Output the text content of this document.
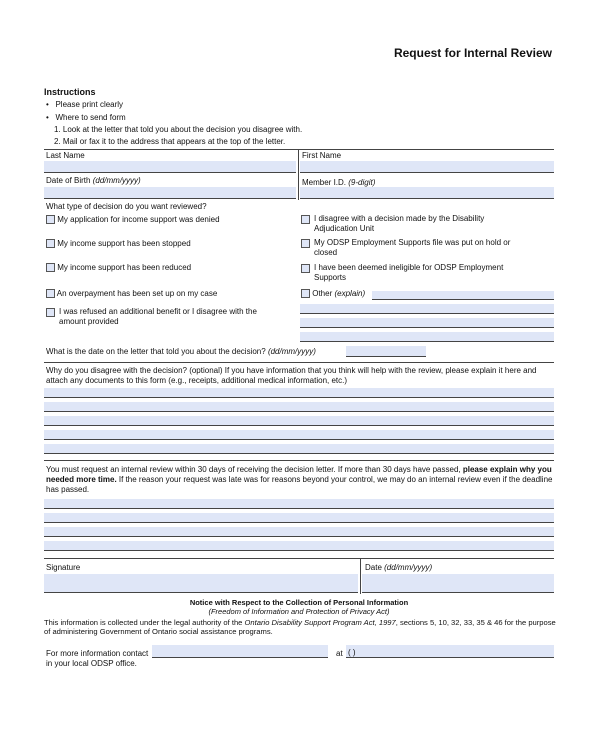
Request for Internal Review
Instructions
•   Please print clearly
•   Where to send form
1. Look at the letter that told you about the decision you disagree with.
2. Mail or fax it to the address that appears at the top of the letter.
Last Name	First Name
Date of Birth (dd/mm/yyyy)	Member I.D. (9-digit)
What type of decision do you want reviewed?
My application for income support was denied
My income support has been stopped
My income support has been reduced
An overpayment has been set up on my case
I was refused an additional benefit or I disagree with the amount provided
I disagree with a decision made by the Disability Adjudication Unit
My ODSP Employment Supports file was put on hold or closed
I have been deemed ineligible for ODSP Employment Supports
Other (explain)
What is the date on the letter that told you about the decision? (dd/mm/yyyy)
Why do you disagree with the decision? (optional) If you have information that you think will help with the review, please explain it here and attach any documents to this form (e.g., receipts, additional medical information, etc.)
You must request an internal review within 30 days of receiving the decision letter. If more than 30 days have passed, please explain why you needed more time. If the reason your request was late was for reasons beyond your control, we may do an internal review even if the deadline has passed.
Signature	Date (dd/mm/yyyy)
Notice with Respect to the Collection of Personal Information
(Freedom of Information and Protection of Privacy Act)
This information is collected under the legal authority of the Ontario Disability Support Program Act, 1997, sections 5, 10, 32, 33, 35 & 46 for the purpose of administering Government of Ontario social assistance programs.
For more information contact
in your local ODSP office.
at ( )
